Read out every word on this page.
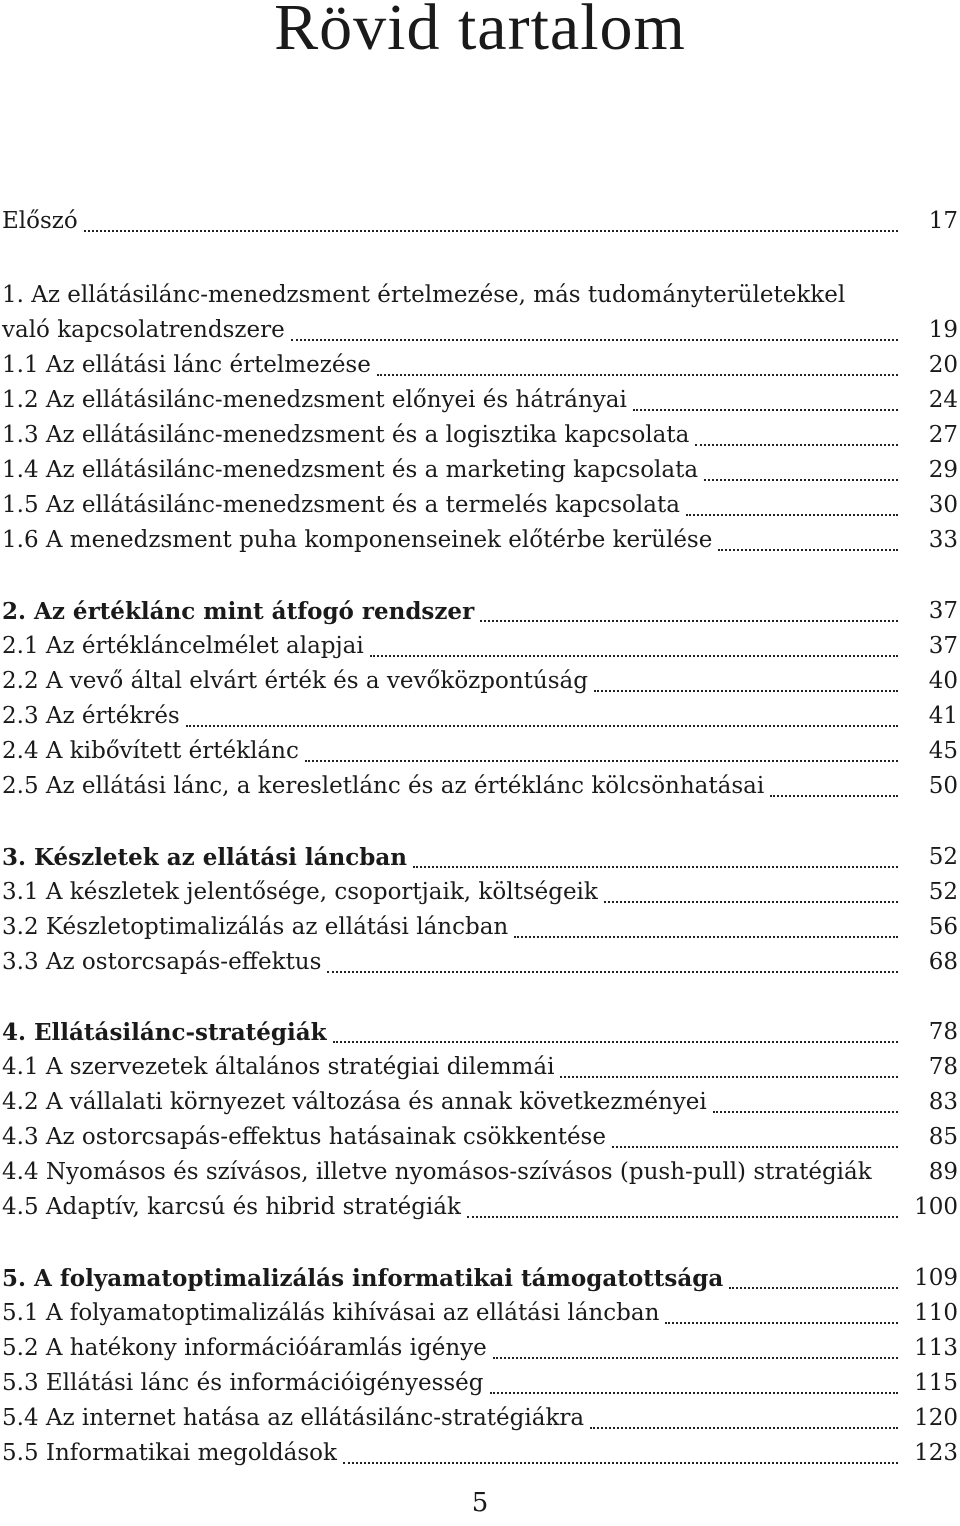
Rövid tartalom
Előszó	17
1. Az ellátásilánc-menedzsment értelmezése, más tudományterületekkel
való kapcsolatrendszere	19
1.1 Az ellátási lánc értelmezése	20
1.2 Az ellátásilánc-menedzsment előnyei és hátrányai	24
1.3 Az ellátásilánc-menedzsment és a logisztika kapcsolata	27
1.4 Az ellátásilánc-menedzsment és a marketing kapcsolata	29
1.5 Az ellátásilánc-menedzsment és a termelés kapcsolata	30
1.6 A menedzsment puha komponenseinek előtérbe kerülése	33
2. Az értéklánc mint átfogó rendszer	37
2.1 Az értékláncelmélet alapjai	37
2.2 A vevő által elvárt érték és a vevőközpontúság	40
2.3 Az értékrés	41
2.4 A kibővített értéklánc	45
2.5 Az ellátási lánc, a keresletlánc és az értéklánc kölcsönhatásai	50
3. Készletek az ellátási láncban	52
3.1 A készletek jelentősége, csoportjaik, költségeik	52
3.2 Készletoptimalizálás az ellátási láncban	56
3.3 Az ostorcsapás-effektus	68
4. Ellátásilánc-stratégiák	78
4.1 A szervezetek általános stratégiai dilemmái	78
4.2 A vállalati környezet változása és annak következményei	83
4.3 Az ostorcsapás-effektus hatásainak csökkentése	85
4.4 Nyomásos és szívásos, illetve nyomásos-szívásos (push-pull) stratégiák	89
4.5 Adaptív, karcsú és hibrid stratégiák	100
5. A folyamatoptimalizálás informatikai támogatottsága	109
5.1 A folyamatoptimalizálás kihívásai az ellátási láncban	110
5.2 A hatékony információáramlás igénye	113
5.3 Ellátási lánc és információigényesség	115
5.4 Az internet hatása az ellátásilánc-stratégiákra	120
5.5 Informatikai megoldások	123
5
